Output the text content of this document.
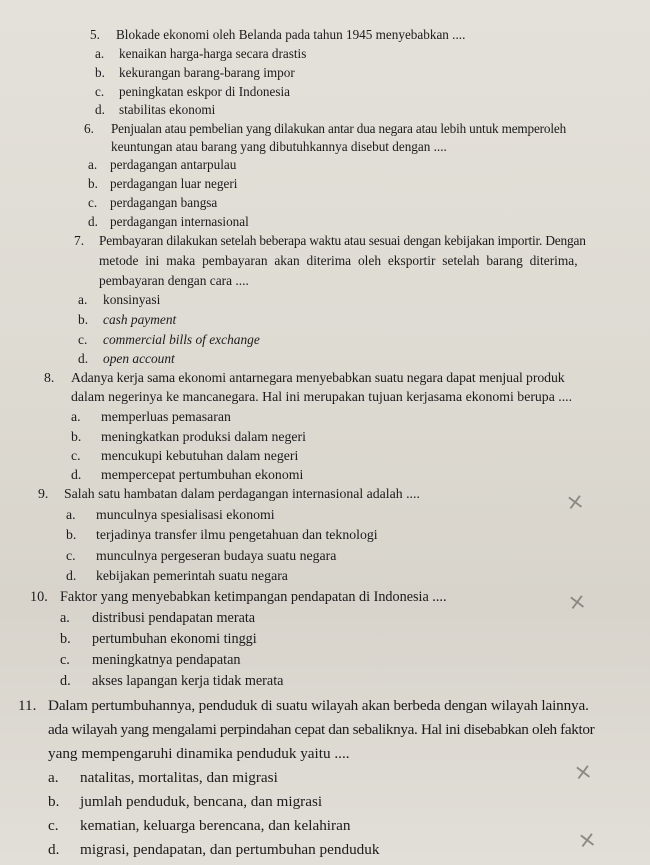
5. Blokade ekonomi oleh Belanda pada tahun 1945 menyebabkan ....
a. kenaikan harga-harga secara drastis
b. kekurangan barang-barang impor
c. peningkatan eskpor di Indonesia
d. stabilitas ekonomi
6. Penjualan atau pembelian yang dilakukan antar dua negara atau lebih untuk memperoleh
keuntungan atau barang yang dibutuhkannya disebut dengan ....
a. perdagangan antarpulau
b. perdagangan luar negeri
c. perdagangan bangsa
d. perdagangan internasional
7. Pembayaran dilakukan setelah beberapa waktu atau sesuai dengan kebijakan importir. Dengan
metode ini maka pembayaran akan diterima oleh eksportir setelah barang diterima,
pembayaran dengan cara ....
a. konsinyasi
b. cash payment
c. commercial bills of exchange
d. open account
8. Adanya kerja sama ekonomi antarnegara menyebabkan suatu negara dapat menjual produk
dalam negerinya ke mancanegara. Hal ini merupakan tujuan kerjasama ekonomi berupa ....
a. memperluas pemasaran
b. meningkatkan produksi dalam negeri
c. mencukupi kebutuhan dalam negeri
d. mempercepat pertumbuhan ekonomi
9. Salah satu hambatan dalam perdagangan internasional adalah ....
a. munculnya spesialisasi ekonomi
b. terjadinya transfer ilmu pengetahuan dan teknologi
c. munculnya pergeseran budaya suatu negara
d. kebijakan pemerintah suatu negara
10. Faktor yang menyebabkan ketimpangan pendapatan di Indonesia ....
a. distribusi pendapatan merata
b. pertumbuhan ekonomi tinggi
c. meningkatnya pendapatan
d. akses lapangan kerja tidak merata
11. Dalam pertumbuhannya, penduduk di suatu wilayah akan berbeda dengan wilayah lainnya.
ada wilayah yang mengalami perpindahan cepat dan sebaliknya. Hal ini disebabkan oleh faktor
yang mempengaruhi dinamika penduduk yaitu ....
a. natalitas, mortalitas, dan migrasi
b. jumlah penduduk, bencana, dan migrasi
c. kematian, keluarga berencana, dan kelahiran
d. migrasi, pendapatan, dan pertumbuhan penduduk
×
×
×
×
